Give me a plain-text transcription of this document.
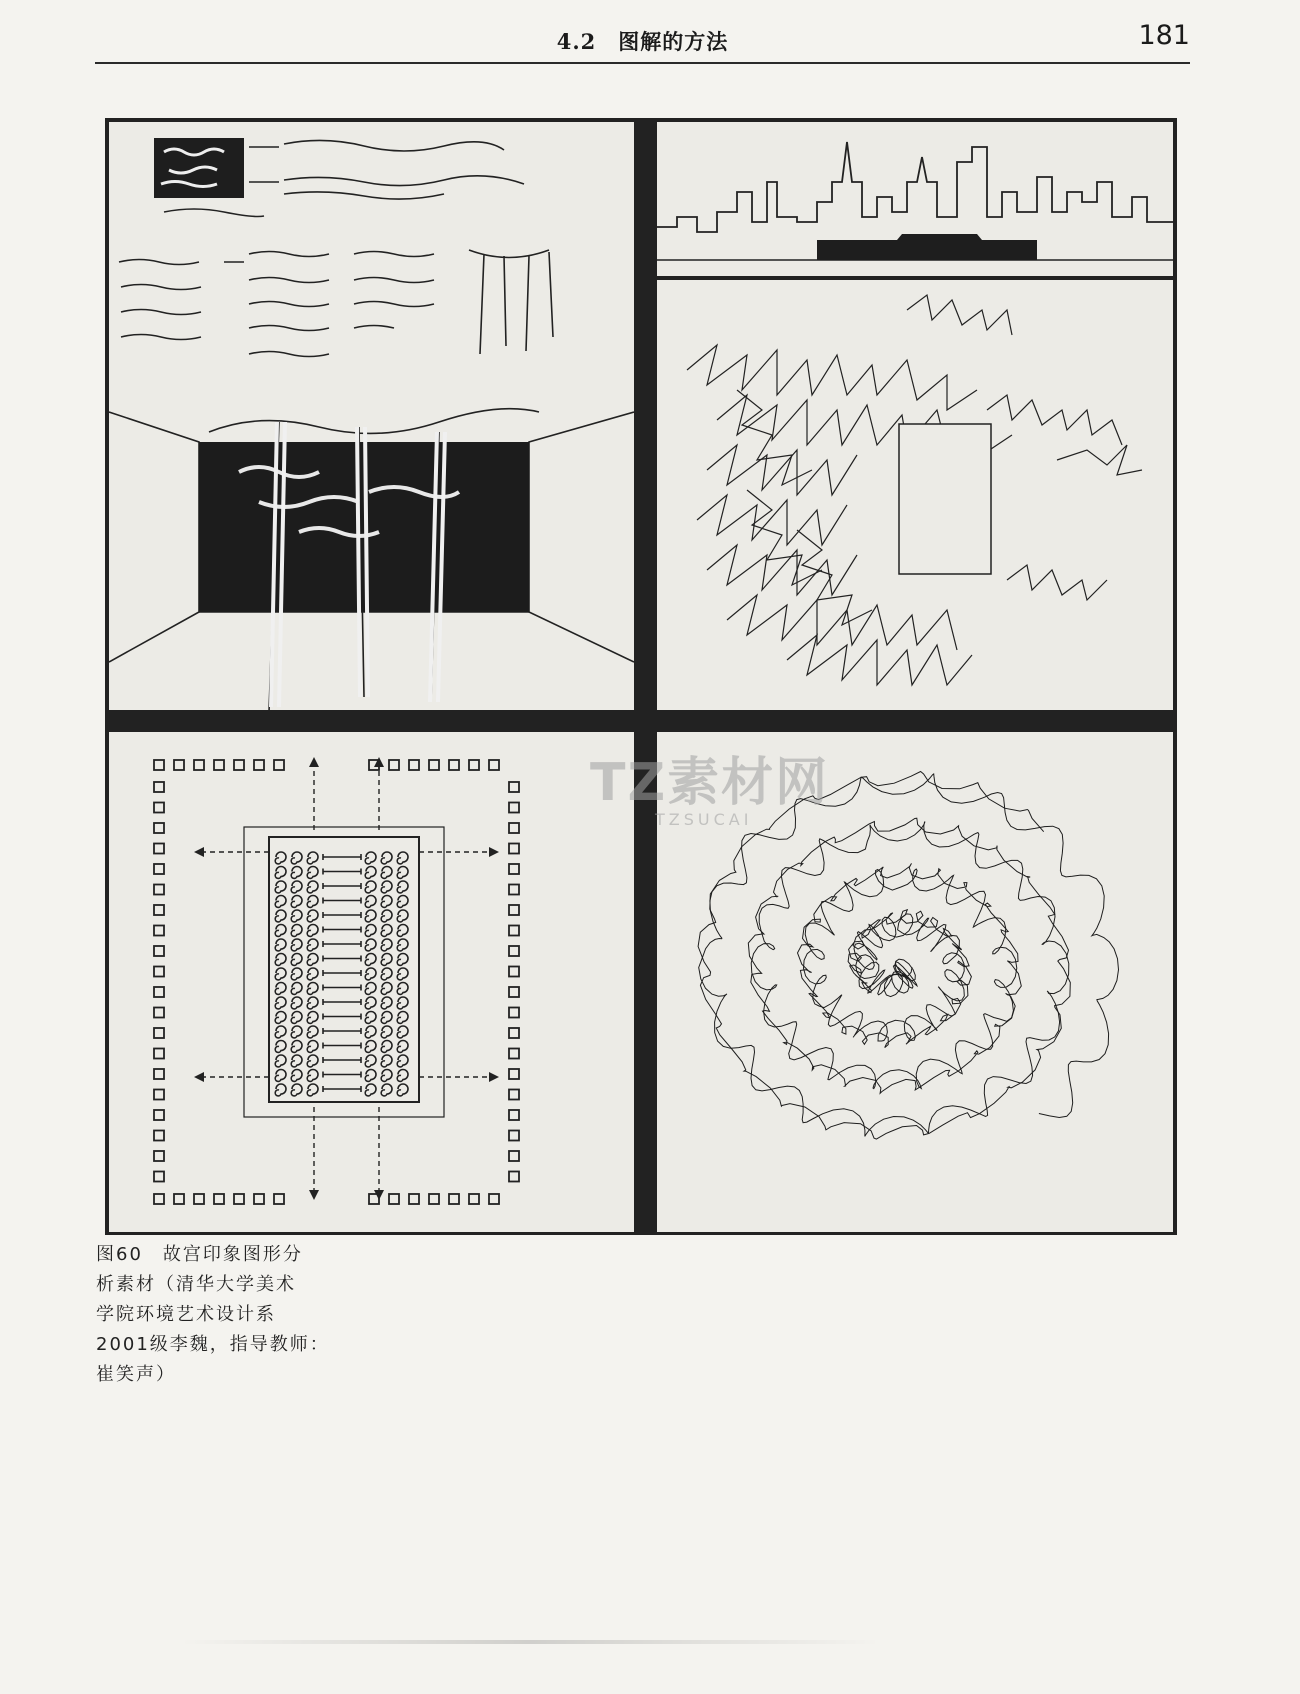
4.2　图解的方法	181
TZ素材网
TZSUCAI
图60　故宫印象图形分
析素材（清华大学美术
学院环境艺术设计系
2001级李魏，指导教师：
崔笑声）
